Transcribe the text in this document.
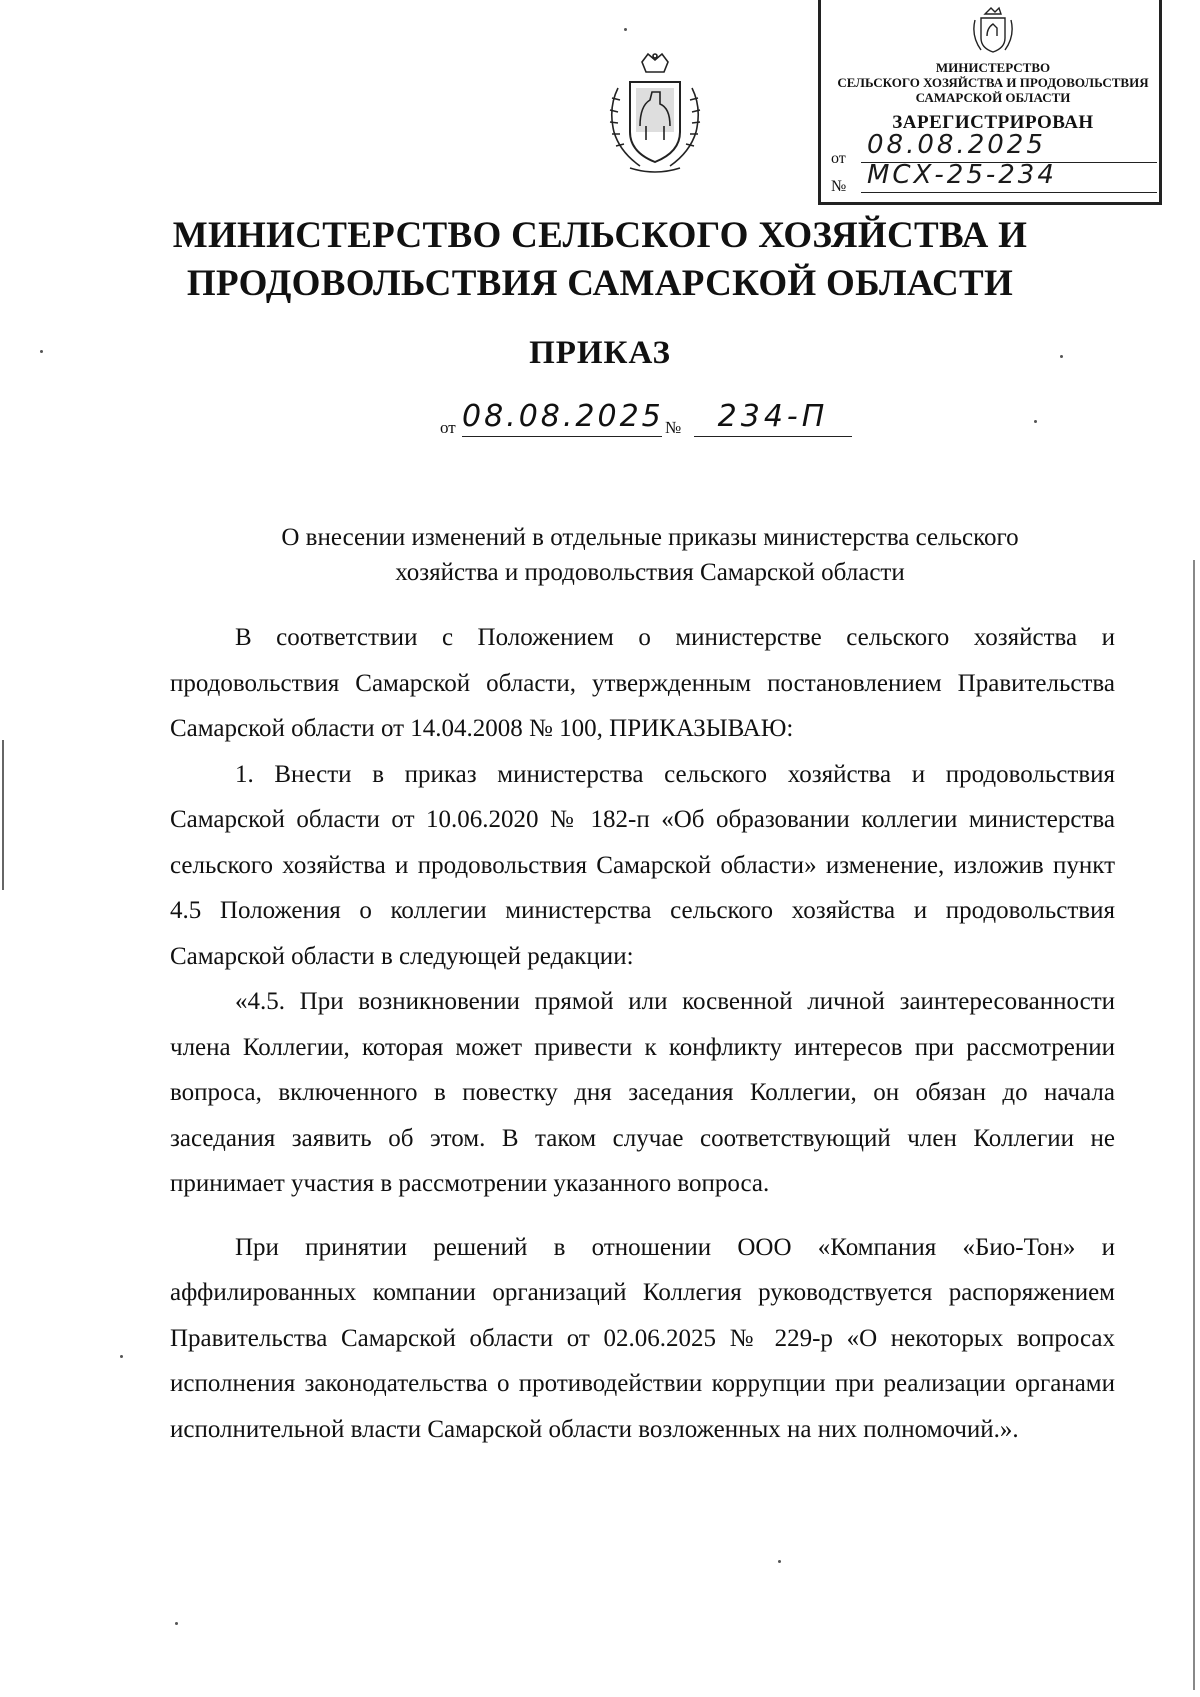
МИНИСТЕРСТВО
СЕЛЬСКОГО ХОЗЯЙСТВА И ПРОДОВОЛЬСТВИЯ
САМАРСКОЙ ОБЛАСТИ
ЗАРЕГИСТРИРОВАН
от 08.08.2025
№ МСХ-25-234
МИНИСТЕРСТВО СЕЛЬСКОГО ХОЗЯЙСТВА И
ПРОДОВОЛЬСТВИЯ САМАРСКОЙ ОБЛАСТИ
ПРИКАЗ
от 08.08.2025 №	234-П
О внесении изменений в отдельные приказы министерства сельского
хозяйства и продовольствия Самарской области

В соответствии с Положением о министерстве сельского хозяйства и продовольствия Самарской области, утвержденным постановлением Правительства Самарской области от 14.04.2008 № 100, ПРИКАЗЫВАЮ:

1. Внести в приказ министерства сельского хозяйства и продовольствия Самарской области от 10.06.2020 № 182-п «Об образовании коллегии министерства сельского хозяйства и продовольствия Самарской области» изменение, изложив пункт 4.5 Положения о коллегии министерства сельского хозяйства и продовольствия Самарской области в следующей редакции:

«4.5. При возникновении прямой или косвенной личной заинтересованности члена Коллегии, которая может привести к конфликту интересов при рассмотрении вопроса, включенного в повестку дня заседания Коллегии, он обязан до начала заседания заявить об этом. В таком случае соответствующий член Коллегии не принимает участия в рассмотрении указанного вопроса.

При принятии решений в отношении ООО «Компания «Био-Тон» и аффилированных компании организаций Коллегия руководствуется распоряжением Правительства Самарской области от 02.06.2025 № 229-р «О некоторых вопросах исполнения законодательства о противодействии коррупции при реализации органами исполнительной власти Самарской области возложенных на них полномочий.».
